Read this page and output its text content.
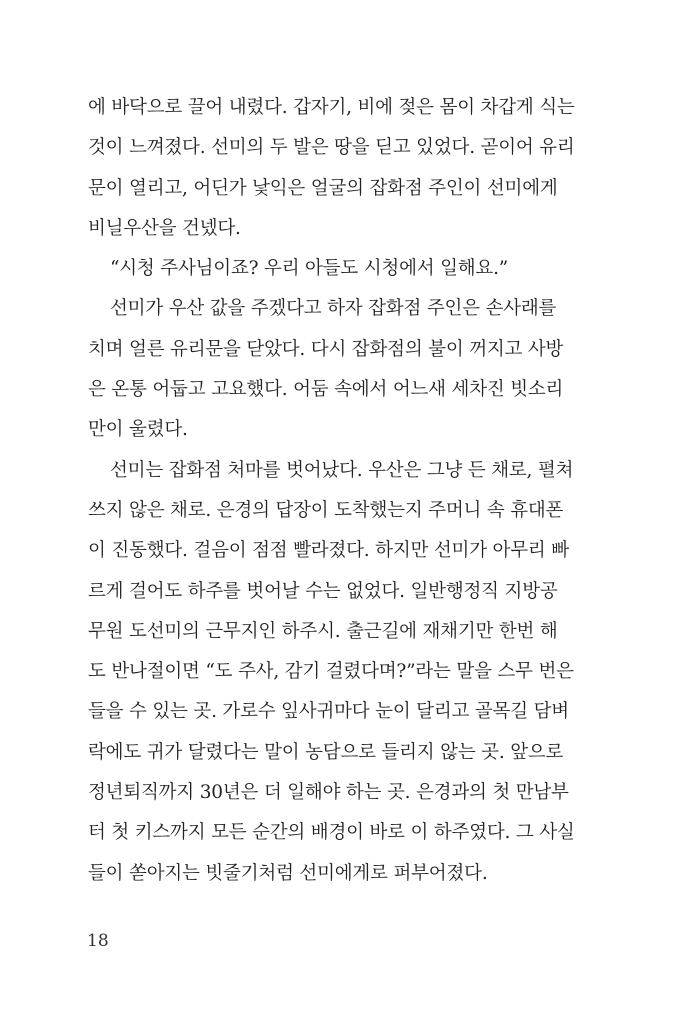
에 바닥으로 끌어 내렸다. 갑자기, 비에 젖은 몸이 차갑게 식는
것이 느껴졌다. 선미의 두 발은 땅을 딛고 있었다. 곧이어 유리
문이 열리고, 어딘가 낯익은 얼굴의 잡화점 주인이 선미에게
비닐우산을 건넸다.
“시청 주사님이죠? 우리 아들도 시청에서 일해요.”
선미가 우산 값을 주겠다고 하자 잡화점 주인은 손사래를
치며 얼른 유리문을 닫았다. 다시 잡화점의 불이 꺼지고 사방
은 온통 어둡고 고요했다. 어둠 속에서 어느새 세차진 빗소리
만이 울렸다.
선미는 잡화점 처마를 벗어났다. 우산은 그냥 든 채로, 펼쳐
쓰지 않은 채로. 은경의 답장이 도착했는지 주머니 속 휴대폰
이 진동했다. 걸음이 점점 빨라졌다. 하지만 선미가 아무리 빠
르게 걸어도 하주를 벗어날 수는 없었다. 일반행정직 지방공
무원 도선미의 근무지인 하주시. 출근길에 재채기만 한번 해
도 반나절이면 “도 주사, 감기 걸렸다며?”라는 말을 스무 번은
들을 수 있는 곳. 가로수 잎사귀마다 눈이 달리고 골목길 담벼
락에도 귀가 달렸다는 말이 농담으로 들리지 않는 곳. 앞으로
정년퇴직까지 30년은 더 일해야 하는 곳. 은경과의 첫 만남부
터 첫 키스까지 모든 순간의 배경이 바로 이 하주였다. 그 사실
들이 쏟아지는 빗줄기처럼 선미에게로 퍼부어졌다.
18
